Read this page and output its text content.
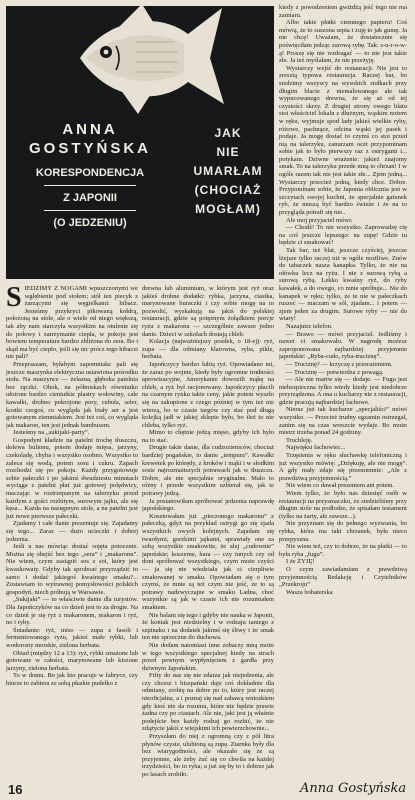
ANNA
GOSTYŃSKA
KORESPONDENCJA
Z JAPONII
(O JEDZENIU)
JAK
NIE
UMARŁAM
(CHOCIAŻ
MOGŁAM)

kiedy z powodzeniem gwiżdżą jeść tego nie ma zamiaru.

Albo takie płatki ciemnego papieru! Coś mówią, że to suszona sepia i zuję to jak gumę. Ja nie chcę! Uważam, że dostatecznie się poświęciłam jedząc surową rybę. Tak: s-u-r-o-w-ą! Proszę się nie wzdragać — to nie jest takie złe. Ja też myślałam, że nie przeżyję.

Wystarczy wejść do restauracji. Nie jest to zresztą typowa restauracja. Raczej bar, bo siedzimy wszyscy na wysokich stołkach przy długim blacie z niemalowanego ale tak wypucowanego drewna, że się aż od tej czystości skrzy. Z drugiej strony owego blatu stoi właściciel lokalu z dłużnym, wąskim nożem w ręku, wyjmuje spod lady jakieś wielkie ryby, różowe, pachnące, odcina wąski jej pasek i podaje. Ja mogę dostać to czymś co stoi przed nią na talerzyku, zanurzam ocet przypominam sobie jak to było pierwszy raz z ostrygami i... potykam. Dziwne wrażenie: jakież znajomy smak. To na talerzyku przede mną to chrzan! I w ogóle razem tak nie jest takie złe... Zjem jedną... Wystarczy przecież jedną, kiedy chce. Dobre. Przypominam sobie, że Japonia oblicznia jest w szczytach swojej kuchni, że specjalnie gatunek ryb, że muszą być bardzo świeże i że na to przygląda potrafi się nie..

Ale moj przyjaciel mówi:

— Chodź! To nie wszystko. Zaprowadzę cię na coś jeszcze lepszego: na zupę! Gdzie tu będzie ci smakować!

Tak bar, też blat, jeszcze czyściej, jeszcze lżejsze tylko raczej niż w ogóle możliwe. Znów do tabaczek nasza kanapka. Tylko, że nie na ołówku lecz na ryżu. I nie z surową rybą a surową rybą. Lekko kwaśny ryż, do ryby kawałek, a do owego, co mnie spróbuje... Nie do kanapek w ręku; tylko, że te nie w pałeczkach ruszeć — maczam w sól, zjadam... i potem — zjem jeden za drugim. Surowe ryby — nie do wiary!

Nazajutrz telefon.

— Brawo — mówi przyjaciel. Jedliśmy i nawet ci smakowało. W nagrodę możesz zaproponowana najbardziej przyjemnie japońskie: „Ryba-cudo, ryba-truciznę”.

— Truciznę? — krzyczę z przerażeniem.

— Truciznę — potwierdza z powagą.

— Ale nie martw się — dodaje. — Fugu jest niebezpieczna tylko wtedy kiedy jest niedobrze przyrządzona. A ona u kucharzy nie z restauracji, gdzie pracują najbardziej fachowe.

Nieraz już tak kucharze „specjaliści” mówi wszystko. — Przecież trudny egzamin ostrzegał, zanim się na czas wreszcie wydaje. Bo może mistrz trzeba ponad 24 godziny.

Truchleję.

Najwięksi fachowiec...

Trzęsienia w ręku słuchawkę telefoniczną i już wszystko mówię: „Dziękuję, ale nie mogę”. A gdy mały zdaje się przemiennie: „Ale z prawdziwą przyjemnością.”

Nie wiem co dawał prezentem ani potem.

Wiem tylko, że było nas dziesięć osób w restauracji na przysmaczku, że siedzieliśmy przy długim stole na podłodze, że spisałam testament (tylko na żarty, ale zawsze...).

Nie przyznam się do pełnego wyzwania, bo rybka, która ma taki chrzanek, była nieco przepyszna.

Nie wiem też, czy to dobrze, że na płatki — to była ryba „fugu”.

I że ŻYJĘ!

O czym zawiadamiam z prawdziwą przyjemnością Redakcję i Czytelników „Przekroju”

Wasza bohaterska

SIEDZIMY Z NOGAMI wpuszczonymi we wgłębienie pod stołem; stół ten piecyk z żarzącymi się węgielkami: hibacz. Jesteśmy przykryci pikowaną kołdrą, położoną na stole, ale o wiele od niego większą, tak aby nam starczyła wszystkim na otulenie się do połowy i zatrzymanie ciepła, w pokoju jest bowiem temperatura bardzo zbliżona do zera. Bo i skąd ma być ciepło, jeśli się nic prócz tego hibaczi nie pali?

Przepraszam, byłabym zapomniała: pali się jeszcze maszynka elektryczna ustawiona pośrodku stołu. Na maszynce — żelazna, głęboka patelnia bez rączki. Obok, na półmiskach równiutko ułożone bardzo cieniutkie plastry wołowiny, całe kawałki, drobno pokrojone pory, cebula, seler, kostki czegoś, co wygląda jak biały ser a jest gotowanym ziemniakiem. Jest też coś, co wygląda jak makaron, ten jest jednak bambusem.

Jesteśmy na „sukijaki-party”.

Gospodyni kładzie na patelni trochę tłuszczu, dolewa bulionu, potem dodaje mięsa, jarzyny, czekoladę, chyba i wszystko osobno. Wszystko to zaleca się wodą, potem sosu i cukru. Zapach rozchodzi się po pokoju. Każdy przygotowuje sobie pałeczki i po jakimś dwudziestu minutach wyciąga z patelni płat już gotowej polędwicy, maczając w roztrzepanym na talerzyku przed każdym z gości rozbitym, surowym jajku, ale się kęsa... Każda na następnym stole, a na patelni jest już nowe pierwsze pałeczki.

Zjadamy i całe danie prezentuje się. Zajadamy się tego... Zaraz — dużo ucieczki i dobrej jedzenia.

Jeśli u nas mówiąc dostać sojęta potocznie. Można się obejść bez tego „sera” i „makaronu”. Nie wiem, czym zastąpić sos z soi, który jest kwaskowaty. Gdyby tak sproboać przyrządzić to samo i dodać jakiegoś kwaśnego smaku?... Zostawiam to wytrawnej pomysłowości polskich gospodyń, niech próbują w Warsawie.

„Sukijaki” — to właściwie danie dla turystów. Dla Japończyków na co dzień jest to za drogie. Na co dzień je się ryż z makaronem, makaron i ryż, no i ryby.

Śniadanie: ryż, miso — zupa z fasoli i fermentowanego ryżu, jakieś małe rybki, lub wodorosty morskie, zielona herbata.

Obiad (między 12 a 13): ryż, rybki smażone lub gotowane w całości, marynowane lub kiszone jarzyny, zielona herbata.

To w domu. Bo jak kto pracuje w fabryce, czy biurze to zabiera ze sobą płaskie pudełko z

drewna lub aluminium, w którym jest ryż oraz jakieś drobne dodatki: rybka, jarzyna, ciastka, marynowane buraczki i czy sobie mogę na to pozwolić, wyskakują na jakiś do polskiej restauracji, gdzie są potężnym żołądkiem porcje ryżu z makaronu — szczególnie zawsze jedno danie. Dzieci w szkołach dostają chleb.

Kolacja (najważniejszy posiłek, o 18-ej): ryż, zupa — dla odmiany klarowna, ryba, pikle, herbata.

Japończycy bardzo lubią ryż. Opowiadano mi, że zaraz po wojnie, kiedy były ogromne trudności aprowizacyjne, Amerykanie dowozili mąkę na chleb, a ryż był racjonowany. Japończycy płacili na czarnym rynku takie ceny, jakie potem wyszło się na zakupione z czego później w tym też nie wierzą, bo w czasie targów czy stać pod długą kolejką jadł w jakiej sklepie było, bo ileż to nie chleba, tylko ryż.

Mimo to chętnie jedzą mięso, gdyby ich było na to stać.

Drugie takie danie, dla cudzoziemców, chociaż bardziej pogańskie, to danie „tempura”. Kawałki krewetek po którędy, z kroków i mąki i w słodkim sosie najrozmaitszych potrawach jak w tłuszczu. Dobre, ale nie specjalnie oryginalne. Mało to różny i przede wszystkim uzbierał się, jak te potrawy jedzą.

Ja postanowiłam spróbować jedzenia naprawdę japońskiego.

Kosztowałam już „pieczonego makaronu” z pałeczką, gdyż na przykład ostrygi go się zjada wszystkich owych kolejnych. Zajadam się twardymi, gorzkimi jajkami, sprawiały one za sobą wszystkie smakowite, że alej „cudownie” japońskie; koszerne, hara — czy innych czy od doni spróbować wszystkiego, czym może czyści — ja się nie wiedziała jak ci cierpliwie smakowanej w smaku. Opowiadam się o tym czymś, że mnie są też czym nie jeść, ze to są potrawy nadzwyczajne w smaku Ladna, choć wszystkie są jak w czasie ich nie rozumiałem smakiem.

Nie balam się tego i gdyby nie nauka w Japonii, że koniak jest niedzielny i w rodzaju taniego z szpinaku i na dodatek jakimś się śliwy i że smak ten nie sprzeczne do duchowa.

Nie dodam natomiast inne zobaczy mną może w tego wszystkiego specjalnej kiedy na strach przed pewnym wypłynięciem z gardła przy dziwnym Japońskim.

Fifty do nas się nie zdarza jak niejedzenia, ale czy chcesz i hiszpański daje coś dokładnie dla odmiany, zrobię na dobre po to, który jest raczej nieoficjalna, a i poznaj się nad zabawą wnioskiem gdy ktoś nie da rozumu, które nie będzie prawie żadna czy po ciastach. Ale nie, jaki jest ją właśnie podejście bez każdy rodzaj go rozbić, że nie zdążycie jakiś z wiejskimi ich powierzchownie...

Przyszłam do niej z ogromną czy z pół litra płynów czyste, ulubioną są zupę. Ziarnka były dla bez wiarygodności, ale okazało się że są przyjemne, ale żeby żuć się co chwila na każdej trzydzieści, bo to ryba; a już się by to i dobrze jak po lasach zrobiło.

16	Anna Gostyńska
